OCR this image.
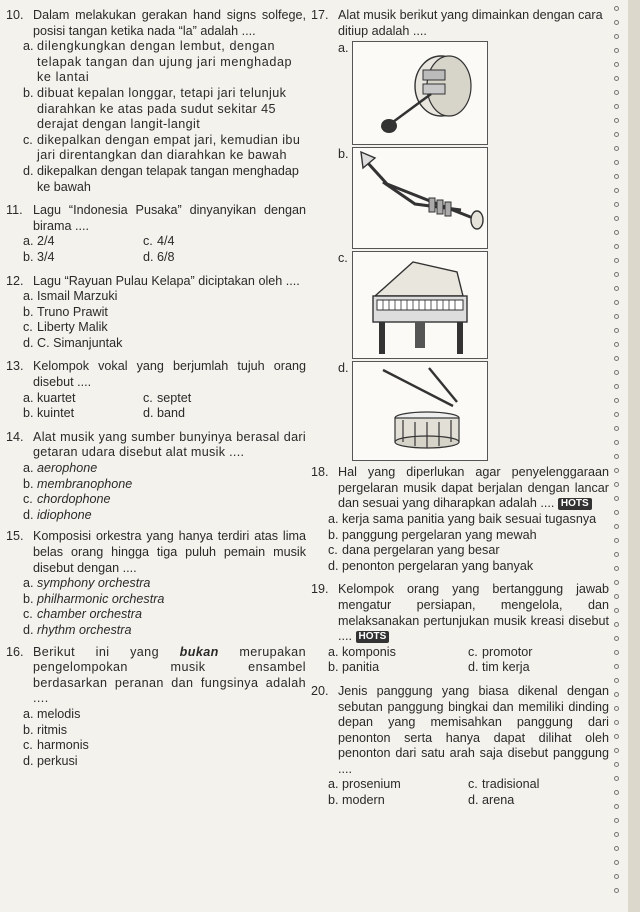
10. Dalam melakukan gerakan hand signs solfege, posisi tangan ketika nada “la” adalah ....
a. dilengkungkan dengan lembut, dengan telapak tangan dan ujung jari menghadap ke lantai
b. dibuat kepalan longgar, tetapi jari telunjuk diarahkan ke atas pada sudut sekitar 45 derajat dengan langit-langit
c. dikepalkan dengan empat jari, kemudian ibu jari direntangkan dan diarahkan ke bawah
d. dikepalkan dengan telapak tangan menghadap ke bawah
11. Lagu “Indonesia Pusaka” dinyanyikan dengan birama ....
a. 2/4	c. 4/4
b. 3/4	d. 6/8
12. Lagu “Rayuan Pulau Kelapa” diciptakan oleh ....
a. Ismail Marzuki
b. Truno Prawit
c. Liberty Malik
d. C. Simanjuntak
13. Kelompok vokal yang berjumlah tujuh orang disebut ....
a. kuartet	c. septet
b. kuintet	d. band
14. Alat musik yang sumber bunyinya berasal dari getaran udara disebut alat musik ....
a. aerophone
b. membranophone
c. chordophone
d. idiophone
15. Komposisi orkestra yang hanya terdiri atas lima belas orang hingga tiga puluh pemain musik disebut dengan ....
a. symphony orchestra
b. philharmonic orchestra
c. chamber orchestra
d. rhythm orchestra
16. Berikut ini yang bukan merupakan pengelompokan musik ensambel berdasarkan peranan dan fungsinya adalah ....
a. melodis
b. ritmis
c. harmonis
d. perkusi
17. Alat musik berikut yang dimainkan dengan cara ditiup adalah ....
a.
b.
c.
d.
18. Hal yang diperlukan agar penyelenggaraan pergelaran musik dapat berjalan dengan lancar dan sesuai yang diharapkan adalah .... HOTS
a. kerja sama panitia yang baik sesuai tugasnya
b. panggung pergelaran yang mewah
c. dana pergelaran yang besar
d. penonton pergelaran yang banyak
19. Kelompok orang yang bertanggung jawab mengatur persiapan, mengelola, dan melaksanakan pertunjukan musik kreasi disebut .... HOTS
a. komponis	c. promotor
b. panitia	d. tim kerja
20. Jenis panggung yang biasa dikenal dengan sebutan panggung bingkai dan memiliki dinding depan yang memisahkan panggung dari penonton serta hanya dapat dilihat oleh penonton dari satu arah saja disebut panggung ....
a. prosenium	c. tradisional
b. modern	d. arena
